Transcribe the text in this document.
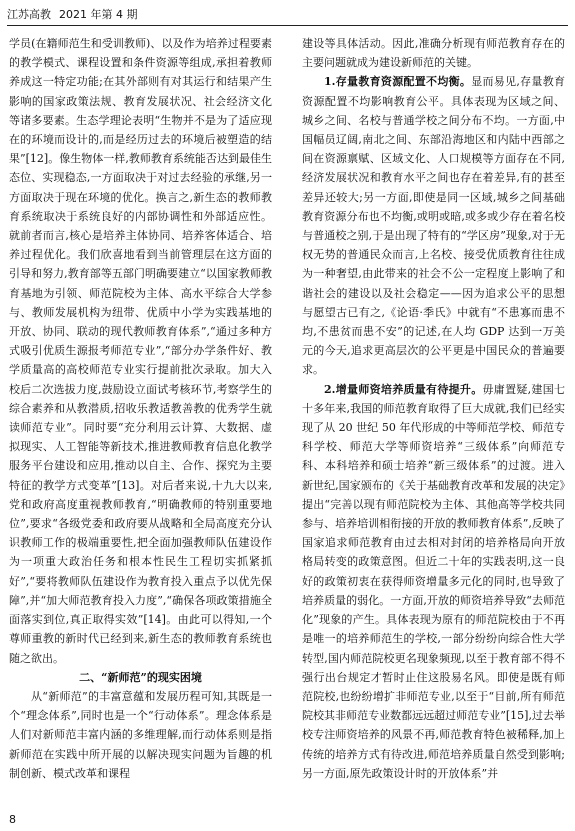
江苏高教 2021 年第 4 期

学员(在籍师范生和受训教师)、以及作为培养过程要素的教学模式、课程设置和条件资源等组成,承担着教师养成这一特定功能;在其外部则有对其运行和结果产生影响的国家政策法规、教育发展状况、社会经济文化等诸多要素。生态学理论表明“生物并不是为了适应现在的环境而设计的,而是经历过去的环境后被塑造的结果”[12]。像生物体一样,教师教育系统能否达到最佳生态位、实现稳态,一方面取决于对过去经验的承继,另一方面取决于现在环境的优化。换言之,新生态的教师教育系统取决于系统良好的内部协调性和外部适应性。就前者而言,核心是培养主体协同、培养客体适合、培养过程优化。我们欣喜地看到当前管理层在这方面的引导和努力,教育部等五部门明确要建立“以国家教师教育基地为引领、师范院校为主体、高水平综合大学参与、教师发展机构为纽带、优质中小学为实践基地的开放、协同、联动的现代教师教育体系”,“通过多种方式吸引优质生源报考师范专业”,“部分办学条件好、教学质量高的高校师范专业实行提前批次录取。加大入校后二次选拔力度,鼓励设立面试考核环节,考察学生的综合素养和从教潜质,招收乐教适教善教的优秀学生就读师范专业”。同时要“充分利用云计算、大数据、虚拟现实、人工智能等新技术,推进教师教育信息化教学服务平台建设和应用,推动以自主、合作、探究为主要特征的教学方式变革”[13]。对后者来说,十九大以来,党和政府高度重视教师教育,“明确教师的特别重要地位”,要求“各级党委和政府要从战略和全局高度充分认识教师工作的极端重要性,把全面加强教师队伍建设作为一项重大政治任务和根本性民生工程切实抓紧抓好”,“要将教师队伍建设作为教育投入重点予以优先保障”,并“加大师范教育投入力度”,“确保各项政策措施全面落实到位,真正取得实效”[14]。由此可以得知,一个尊师重教的新时代已经到来,新生态的教师教育系统也随之欲出。

二、“新师范”的现实困境

从“新师范”的丰富意蕴和发展历程可知,其既是一个“理念体系”,同时也是一个“行动体系”。理念体系是人们对新师范丰富内涵的多维理解,而行动体系则是指新师范在实践中所开展的以解决现实问题为旨趣的机制创新、模式改革和课程

建设等具体活动。因此,准确分析现有师范教育存在的主要问题就成为建设新师范的关键。

1.存量教育资源配置不均衡。显而易见,存量教育资源配置不均影响教育公平。具体表现为区域之间、城乡之间、名校与普通学校之间分布不均。一方面,中国幅员辽阔,南北之间、东部沿海地区和内陆中西部之间在资源禀赋、区域文化、人口规模等方面存在不同,经济发展状况和教育水平之间也存在着差异,有的甚至差异还较大;另一方面,即使是同一区域,城乡之间基础教育资源分布也不均衡,或明或暗,或多或少存在着名校与普通校之别,于是出现了特有的“学区房”现象,对于无权无势的普通民众而言,上名校、接受优质教育往往成为一种奢望,由此带来的社会不公一定程度上影响了和谐社会的建设以及社会稳定——因为追求公平的思想与愿望古已有之,《论语·季氏》中就有“不患寡而患不均,不患贫而患不安”的记述,在人均 GDP 达到一万美元的今天,追求更高层次的公平更是中国民众的普遍要求。

2.增量师资培养质量有待提升。毋庸置疑,建国七十多年来,我国的师范教育取得了巨大成就,我们已经实现了从 20 世纪 50 年代形成的中等师范学校、师范专科学校、师范大学等师资培养“三级体系”向师范专科、本科培养和硕士培养“新三级体系”的过渡。进入新世纪,国家颁布的《关于基础教育改革和发展的决定》提出“完善以现有师范院校为主体、其他高等学校共同参与、培养培训相衔接的开放的教师教育体系”,反映了国家追求师范教育由过去相对封闭的培养格局向开放格局转变的政策意图。但近二十年的实践表明,这一良好的政策初衷在获得师资增量多元化的同时,也导致了培养质量的弱化。一方面,开放的师资培养导致“去师范化”现象的产生。具体表现为原有的师范院校由于不再是唯一的培养师范生的学校,一部分纷纷向综合性大学转型,国内师范院校更名现象频现,以至于教育部不得不强行出台规定才暂时止住这股易名风。即使是既有师范院校,也纷纷增扩非师范专业,以至于“目前,所有师范院校其非师范专业数都远远超过师范专业”[15],过去举校专注师资培养的风景不再,师范教育特色被稀释,加上传统的培养方式有待改进,师范培养质量自然受到影响;另一方面,原先政策设计时的开放体系”并

8
